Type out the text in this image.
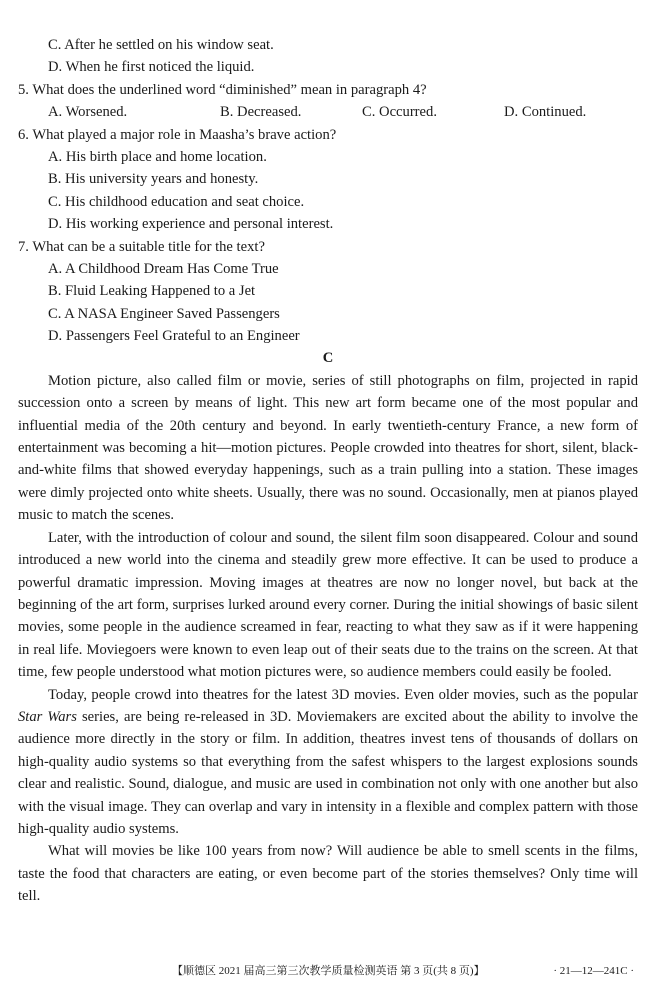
C. After he settled on his window seat.
D. When he first noticed the liquid.
5. What does the underlined word “diminished” mean in paragraph 4?
A. Worsened.	B. Decreased.	C. Occurred.	D. Continued.
6. What played a major role in Maasha’s brave action?
A. His birth place and home location.
B. His university years and honesty.
C. His childhood education and seat choice.
D. His working experience and personal interest.
7. What can be a suitable title for the text?
A. A Childhood Dream Has Come True
B. Fluid Leaking Happened to a Jet
C. A NASA Engineer Saved Passengers
D. Passengers Feel Grateful to an Engineer
C

Motion picture, also called film or movie, series of still photographs on film, projected in rapid succession onto a screen by means of light. This new art form became one of the most popular and influential media of the 20th century and beyond. In early twentieth-century France, a new form of entertainment was becoming a hit—motion pictures. People crowded into theatres for short, silent, black-and-white films that showed everyday happenings, such as a train pulling into a station. These images were dimly projected onto white sheets. Usually, there was no sound. Occasionally, men at pianos played music to match the scenes.

Later, with the introduction of colour and sound, the silent film soon disappeared. Colour and sound introduced a new world into the cinema and steadily grew more effective. It can be used to produce a powerful dramatic impression. Moving images at theatres are now no longer novel, but back at the beginning of the art form, surprises lurked around every corner. During the initial showings of basic silent movies, some people in the audience screamed in fear, reacting to what they saw as if it were happening in real life. Moviegoers were known to even leap out of their seats due to the trains on the screen. At that time, few people understood what motion pictures were, so audience members could easily be fooled.

Today, people crowd into theatres for the latest 3D movies. Even older movies, such as the popular Star Wars series, are being re-released in 3D. Moviemakers are excited about the ability to involve the audience more directly in the story or film. In addition, theatres invest tens of thousands of dollars on high-quality audio systems so that everything from the safest whispers to the largest explosions sounds clear and realistic. Sound, dialogue, and music are used in combination not only with one another but also with the visual image. They can overlap and vary in intensity in a flexible and complex pattern with those high-quality audio systems.

What will movies be like 100 years from now? Will audience be able to smell scents in the films, taste the food that characters are eating, or even become part of the stories themselves? Only time will tell.

【顺德区 2021 届高三第三次教学质量检测英语 第 3 页(共 8 页)】	· 21—12—241C ·
